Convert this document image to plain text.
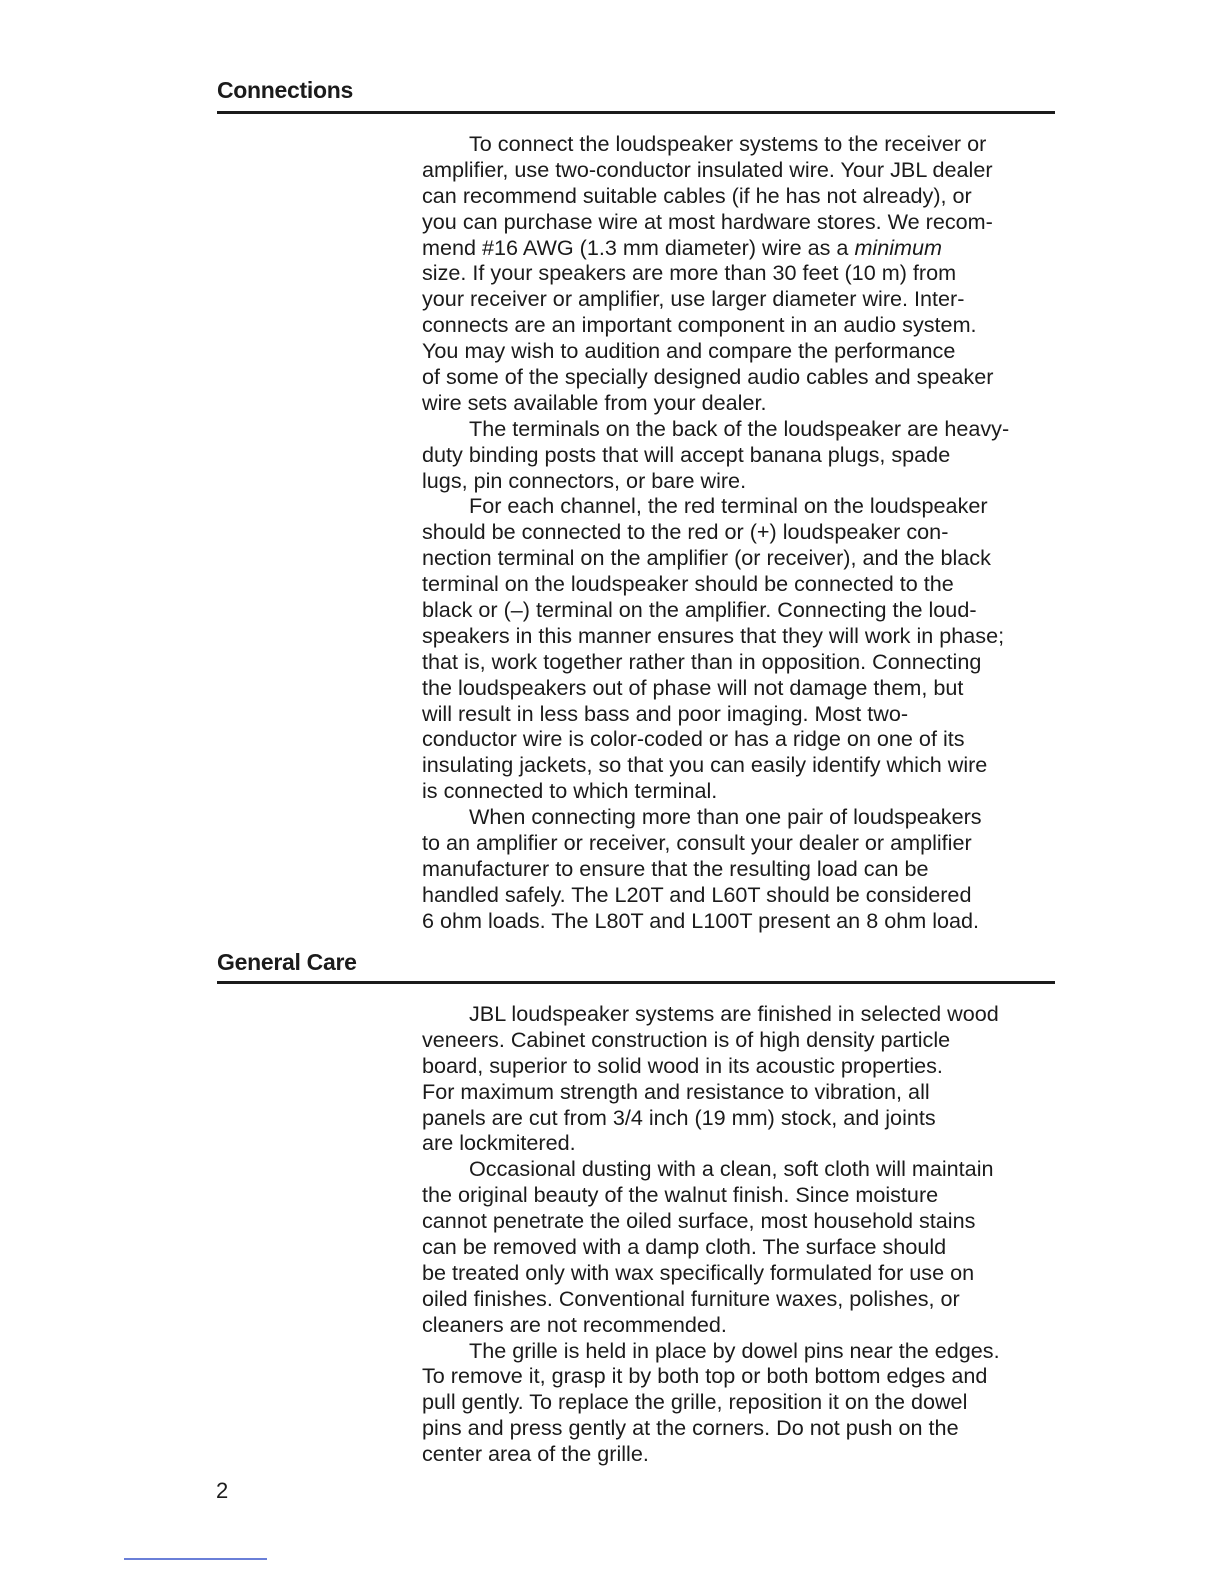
Connections
To connect the loudspeaker systems to the receiver or
amplifier, use two-conductor insulated wire. Your JBL dealer
can recommend suitable cables (if he has not already), or
you can purchase wire at most hardware stores. We recom-
mend #16 AWG (1.3 mm diameter) wire as a minimum
size. If your speakers are more than 30 feet (10 m) from
your receiver or amplifier, use larger diameter wire. Inter-
connects are an important component in an audio system.
You may wish to audition and compare the performance
of some of the specially designed audio cables and speaker
wire sets available from your dealer.
The terminals on the back of the loudspeaker are heavy-
duty binding posts that will accept banana plugs, spade
lugs, pin connectors, or bare wire.
For each channel, the red terminal on the loudspeaker
should be connected to the red or (+) loudspeaker con-
nection terminal on the amplifier (or receiver), and the black
terminal on the loudspeaker should be connected to the
black or (–) terminal on the amplifier. Connecting the loud-
speakers in this manner ensures that they will work in phase;
that is, work together rather than in opposition. Connecting
the loudspeakers out of phase will not damage them, but
will result in less bass and poor imaging. Most two-
conductor wire is color-coded or has a ridge on one of its
insulating jackets, so that you can easily identify which wire
is connected to which terminal.
When connecting more than one pair of loudspeakers
to an amplifier or receiver, consult your dealer or amplifier
manufacturer to ensure that the resulting load can be
handled safely. The L20T and L60T should be considered
6 ohm loads. The L80T and L100T present an 8 ohm load.
General Care
JBL loudspeaker systems are finished in selected wood
veneers. Cabinet construction is of high density particle
board, superior to solid wood in its acoustic properties.
For maximum strength and resistance to vibration, all
panels are cut from 3/4 inch (19 mm) stock, and joints
are lockmitered.
Occasional dusting with a clean, soft cloth will maintain
the original beauty of the walnut finish. Since moisture
cannot penetrate the oiled surface, most household stains
can be removed with a damp cloth. The surface should
be treated only with wax specifically formulated for use on
oiled finishes. Conventional furniture waxes, polishes, or
cleaners are not recommended.
The grille is held in place by dowel pins near the edges.
To remove it, grasp it by both top or both bottom edges and
pull gently. To replace the grille, reposition it on the dowel
pins and press gently at the corners. Do not push on the
center area of the grille.

2
